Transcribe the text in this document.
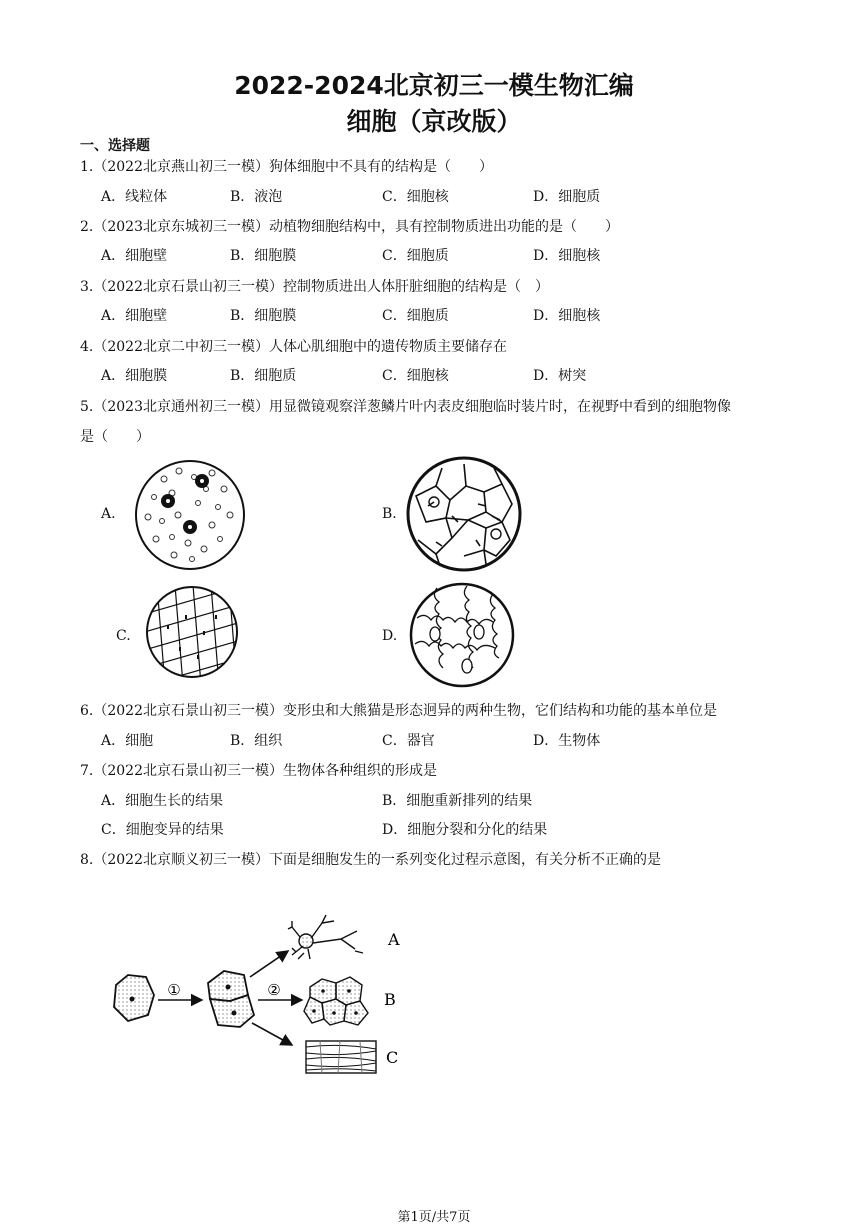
2022-2024北京初三一模生物汇编
细胞（京改版）
一、选择题
1.（2022北京燕山初三一模）狗体细胞中不具有的结构是（　　）
A．线粒体	B．液泡	C．细胞核	D．细胞质
2.（2023北京东城初三一模）动植物细胞结构中，具有控制物质进出功能的是（　　）
A．细胞壁	B．细胞膜	C．细胞质	D．细胞核
3.（2022北京石景山初三一模）控制物质进出人体肝脏细胞的结构是（　）
A．细胞壁	B．细胞膜	C．细胞质	D．细胞核
4.（2022北京二中初三一模）人体心肌细胞中的遗传物质主要储存在
A．细胞膜	B．细胞质	C．细胞核	D．树突
5.（2023北京通州初三一模）用显微镜观察洋葱鳞片叶内表皮细胞临时装片时，在视野中看到的细胞物像
是（　　）
A.	B.
C.	D.
6.（2022北京石景山初三一模）变形虫和大熊猫是形态迥异的两种生物，它们结构和功能的基本单位是
A．细胞	B．组织	C．器官	D．生物体
7.（2022北京石景山初三一模）生物体各种组织的形成是
A．细胞生长的结果	B．细胞重新排列的结果
C．细胞变异的结果	D．细胞分裂和分化的结果
8.（2022北京顺义初三一模）下面是细胞发生的一系列变化过程示意图，有关分析不正确的是
①	②
A
B
C
第1页/共7页
